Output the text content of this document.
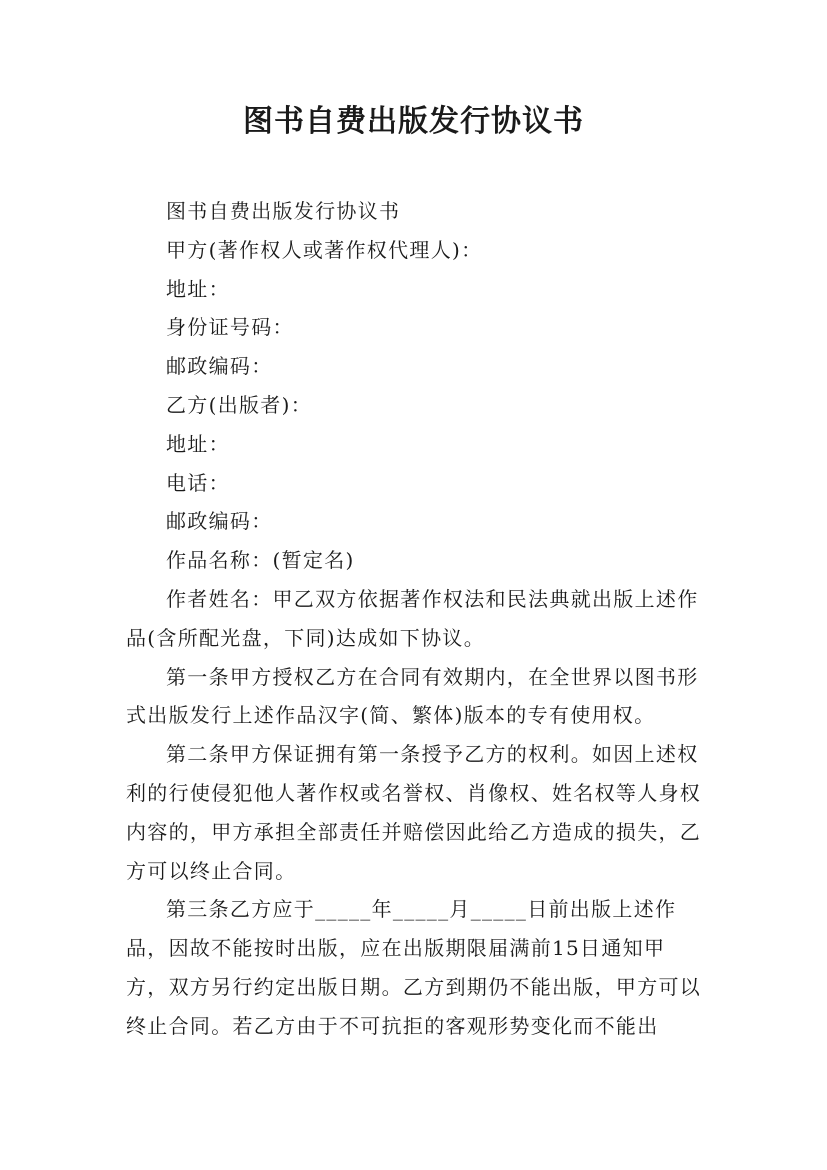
图书自费出版发行协议书

图书自费出版发行协议书

甲方(著作权人或著作权代理人)：

地址：

身份证号码：

邮政编码：

乙方(出版者)：

地址：

电话：

邮政编码：

作品名称：(暂定名)

作者姓名：甲乙双方依据著作权法和民法典就出版上述作品(含所配光盘，下同)达成如下协议。

第一条甲方授权乙方在合同有效期内，在全世界以图书形式出版发行上述作品汉字(简、繁体)版本的专有使用权。

第二条甲方保证拥有第一条授予乙方的权利。如因上述权利的行使侵犯他人著作权或名誉权、肖像权、姓名权等人身权内容的，甲方承担全部责任并赔偿因此给乙方造成的损失，乙方可以终止合同。

第三条乙方应于_____年_____月_____日前出版上述作品，因故不能按时出版，应在出版期限届满前15日通知甲方，双方另行约定出版日期。乙方到期仍不能出版，甲方可以终止合同。若乙方由于不可抗拒的客观形势变化而不能出
